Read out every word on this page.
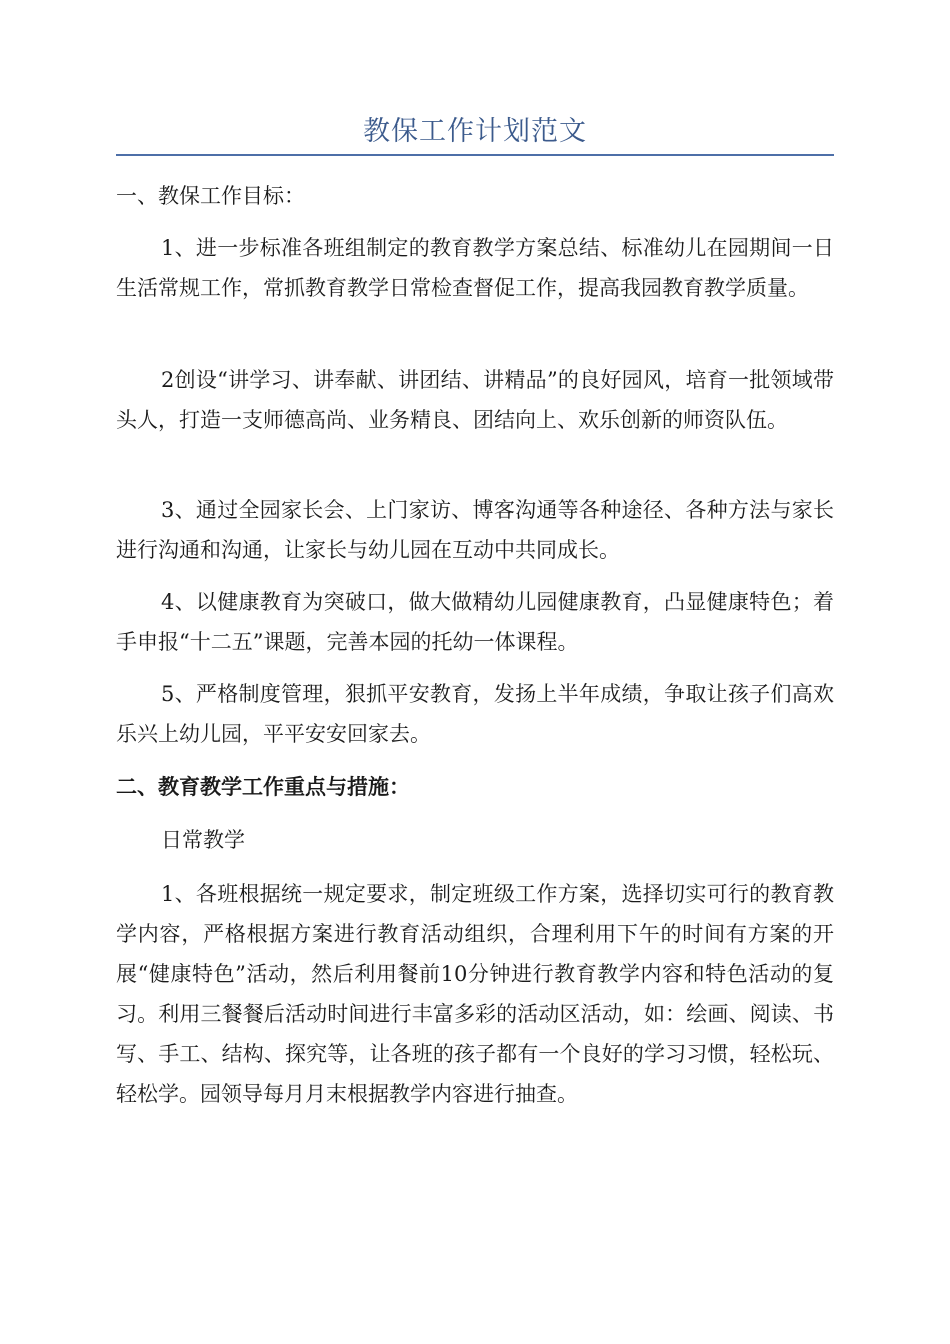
教保工作计划范文
一、教保工作目标：
1、进一步标准各班组制定的教育教学方案总结、标准幼儿在园期间一日生活常规工作，常抓教育教学日常检查督促工作，提高我园教育教学质量。
2创设“讲学习、讲奉献、讲团结、讲精品”的良好园风，培育一批领域带头人，打造一支师德高尚、业务精良、团结向上、欢乐创新的师资队伍。
3、通过全园家长会、上门家访、博客沟通等各种途径、各种方法与家长进行沟通和沟通，让家长与幼儿园在互动中共同成长。
4、以健康教育为突破口，做大做精幼儿园健康教育，凸显健康特色；着手申报“十二五”课题，完善本园的托幼一体课程。
5、严格制度管理，狠抓平安教育，发扬上半年成绩，争取让孩子们高欢乐兴上幼儿园，平平安安回家去。
二、教育教学工作重点与措施：
日常教学
1、各班根据统一规定要求，制定班级工作方案，选择切实可行的教育教学内容，严格根据方案进行教育活动组织，合理利用下午的时间有方案的开展“健康特色”活动，然后利用餐前10分钟进行教育教学内容和特色活动的复习。利用三餐餐后活动时间进行丰富多彩的活动区活动，如：绘画、阅读、书写、手工、结构、探究等，让各班的孩子都有一个良好的学习习惯，轻松玩、轻松学。园领导每月月末根据教学内容进行抽查。
